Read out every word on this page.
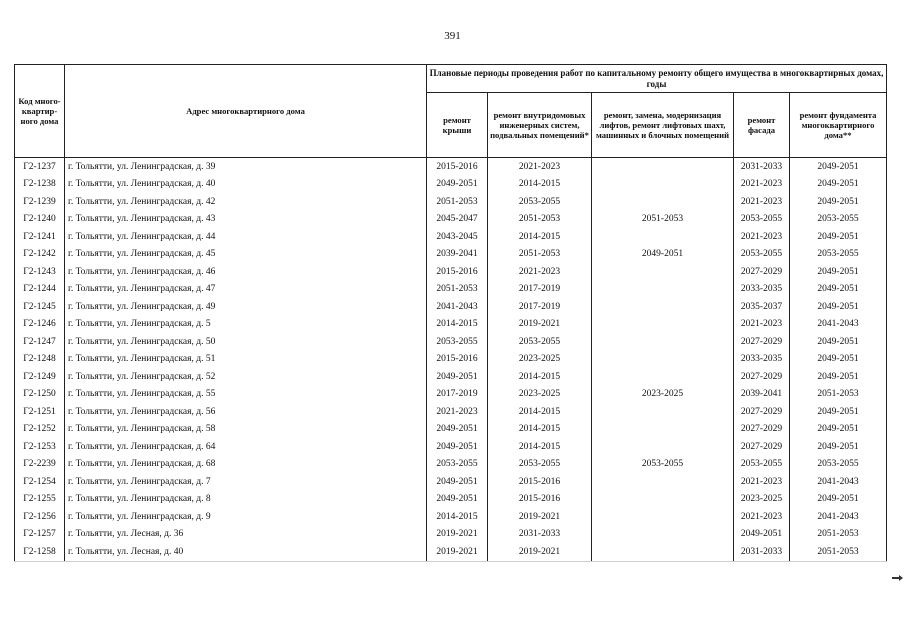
391
Код много-квартир-ного дома	Адрес многоквартирного дома	Плановые периоды проведения работ по капитальному ремонту общего имущества в многоквартирных домах, годы				
		ремонт крыши	ремонт внутридомовых инженерных систем, подвальных помещений*	ремонт, замена, модернизация лифтов, ремонт лифтовых шахт, машинных и блочных помещений	ремонт фасада	ремонт фундамента многоквартирного дома**
Г2-1237	г. Тольятти, ул. Ленинградская, д. 39	2015-2016	2021-2023		2031-2033	2049-2051
Г2-1238	г. Тольятти, ул. Ленинградская, д. 40	2049-2051	2014-2015		2021-2023	2049-2051
Г2-1239	г. Тольятти, ул. Ленинградская, д. 42	2051-2053	2053-2055		2021-2023	2049-2051
Г2-1240	г. Тольятти, ул. Ленинградская, д. 43	2045-2047	2051-2053	2051-2053	2053-2055	2053-2055
Г2-1241	г. Тольятти, ул. Ленинградская, д. 44	2043-2045	2014-2015		2021-2023	2049-2051
Г2-1242	г. Тольятти, ул. Ленинградская, д. 45	2039-2041	2051-2053	2049-2051	2053-2055	2053-2055
Г2-1243	г. Тольятти, ул. Ленинградская, д. 46	2015-2016	2021-2023		2027-2029	2049-2051
Г2-1244	г. Тольятти, ул. Ленинградская, д. 47	2051-2053	2017-2019		2033-2035	2049-2051
Г2-1245	г. Тольятти, ул. Ленинградская, д. 49	2041-2043	2017-2019		2035-2037	2049-2051
Г2-1246	г. Тольятти, ул. Ленинградская, д. 5	2014-2015	2019-2021		2021-2023	2041-2043
Г2-1247	г. Тольятти, ул. Ленинградская, д. 50	2053-2055	2053-2055		2027-2029	2049-2051
Г2-1248	г. Тольятти, ул. Ленинградская, д. 51	2015-2016	2023-2025		2033-2035	2049-2051
Г2-1249	г. Тольятти, ул. Ленинградская, д. 52	2049-2051	2014-2015		2027-2029	2049-2051
Г2-1250	г. Тольятти, ул. Ленинградская, д. 55	2017-2019	2023-2025	2023-2025	2039-2041	2051-2053
Г2-1251	г. Тольятти, ул. Ленинградская, д. 56	2021-2023	2014-2015		2027-2029	2049-2051
Г2-1252	г. Тольятти, ул. Ленинградская, д. 58	2049-2051	2014-2015		2027-2029	2049-2051
Г2-1253	г. Тольятти, ул. Ленинградская, д. 64	2049-2051	2014-2015		2027-2029	2049-2051
Г2-2239	г. Тольятти, ул. Ленинградская, д. 68	2053-2055	2053-2055	2053-2055	2053-2055	2053-2055
Г2-1254	г. Тольятти, ул. Ленинградская, д. 7	2049-2051	2015-2016		2021-2023	2041-2043
Г2-1255	г. Тольятти, ул. Ленинградская, д. 8	2049-2051	2015-2016		2023-2025	2049-2051
Г2-1256	г. Тольятти, ул. Ленинградская, д. 9	2014-2015	2019-2021		2021-2023	2041-2043
Г2-1257	г. Тольятти, ул. Лесная, д. 36	2019-2021	2031-2033		2049-2051	2051-2053
Г2-1258	г. Тольятти, ул. Лесная, д. 40	2019-2021	2019-2021		2031-2033	2051-2053
